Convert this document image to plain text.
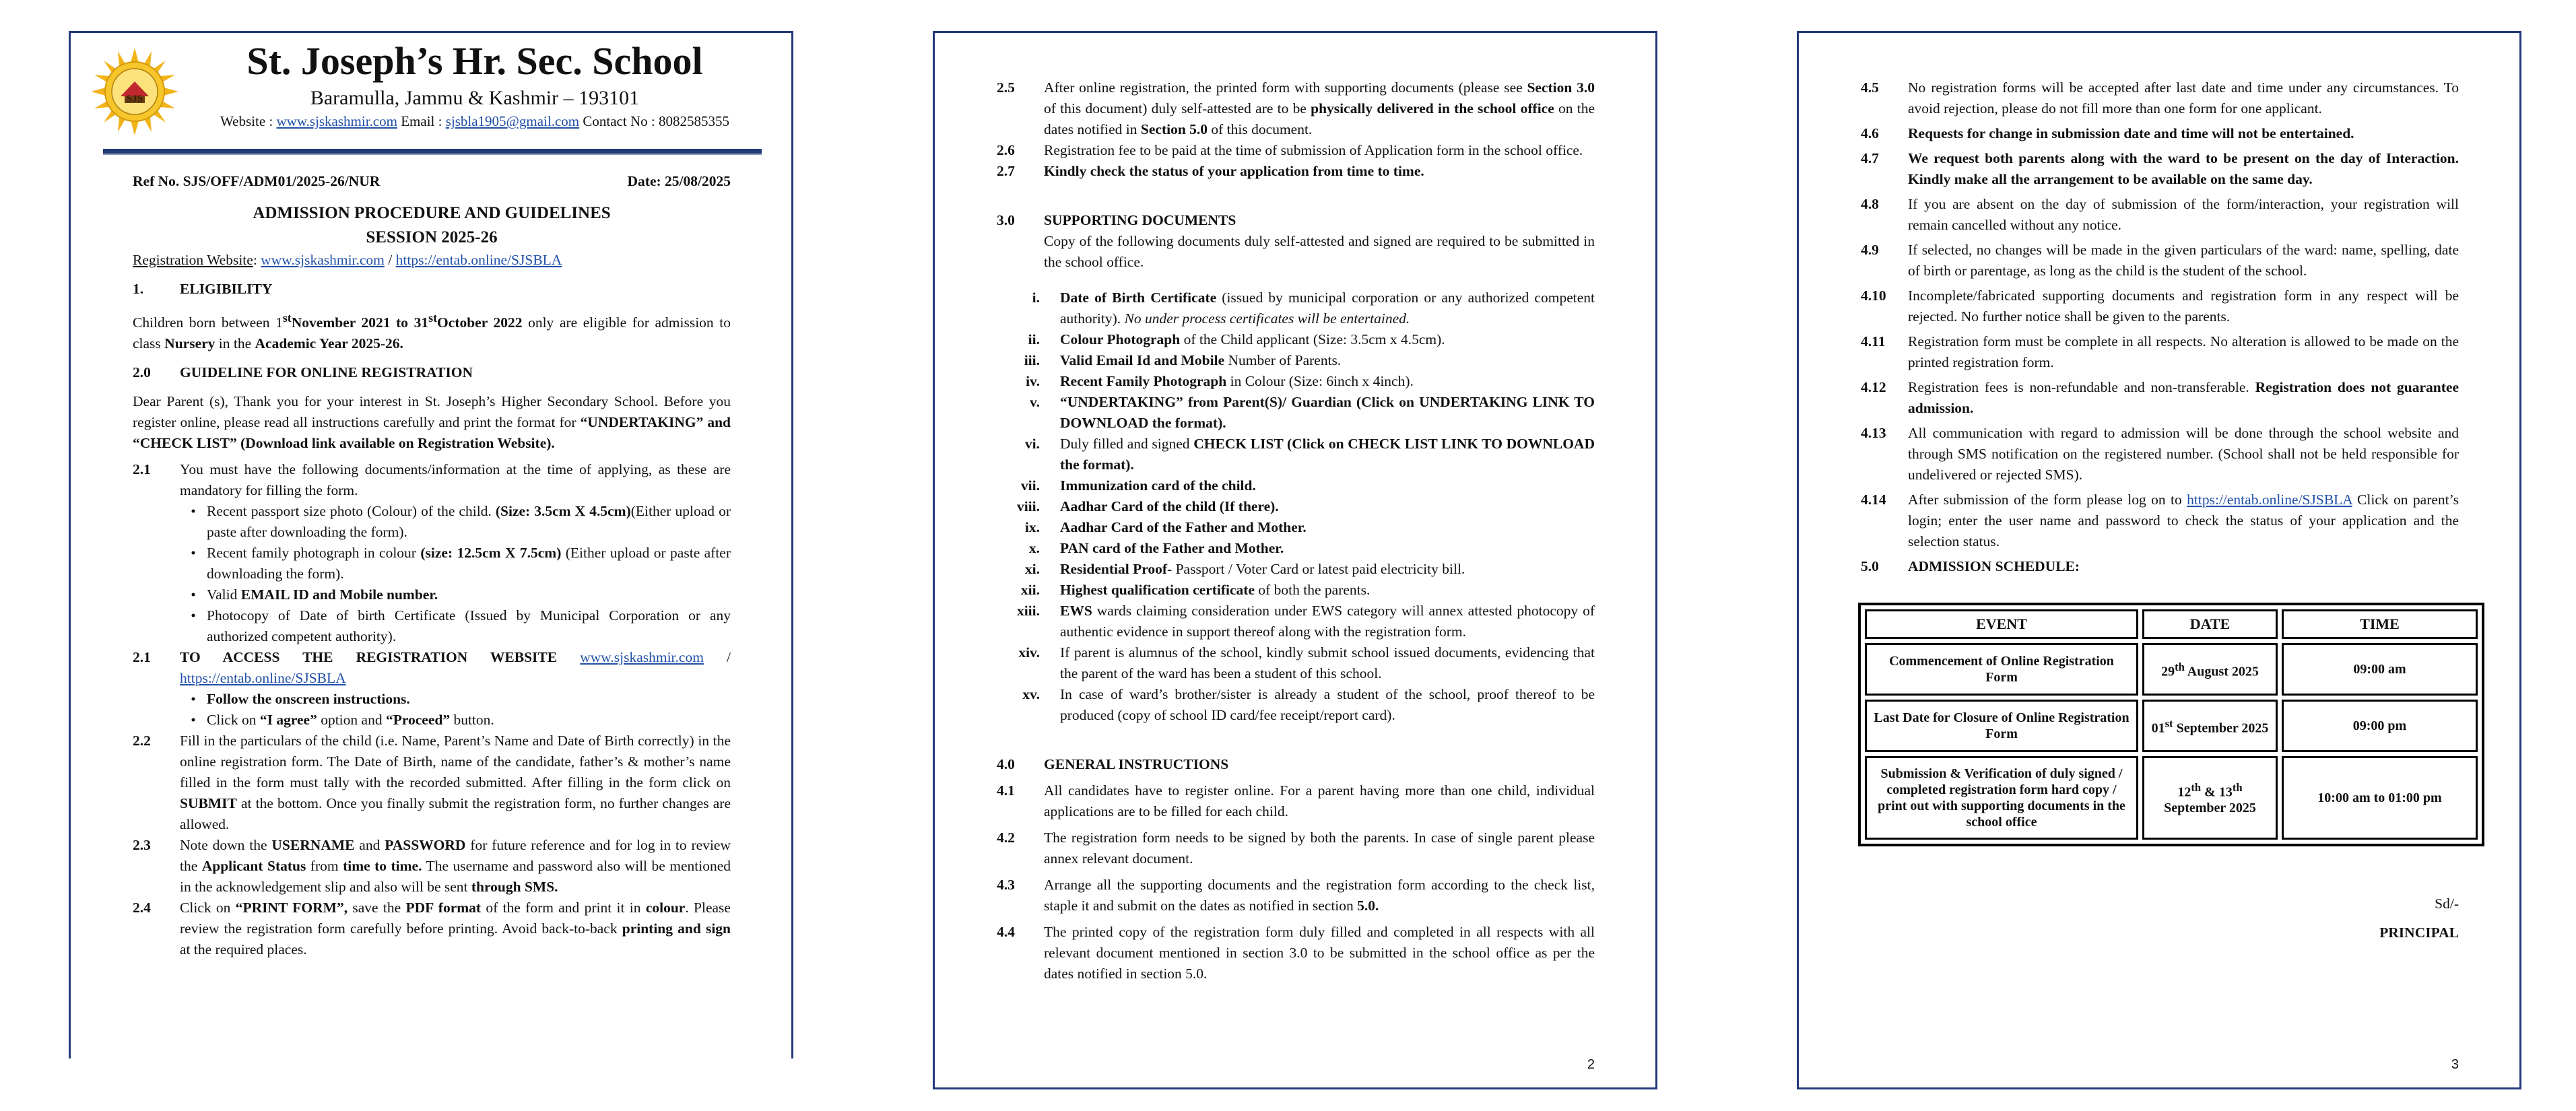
SJS
St. Joseph’s Hr. Sec. School
Baramulla, Jammu & Kashmir – 193101
Website : www.sjskashmir.com Email : sjsbla1905@gmail.com Contact No : 8082585355
Ref No. SJS/OFF/ADM01/2025-26/NUR	Date: 25/08/2025
ADMISSION PROCEDURE AND GUIDELINES
SESSION 2025-26
Registration Website: www.sjskashmir.com / https://entab.online/SJSBLA
1.	ELIGIBILITY
Children born between 1stNovember 2021 to 31stOctober 2022 only are eligible for admission to class Nursery in the Academic Year 2025-26.
2.0	GUIDELINE FOR ONLINE REGISTRATION
Dear Parent (s), Thank you for your interest in St. Joseph’s Higher Secondary School. Before you register online, please read all instructions carefully and print the format for “UNDERTAKING” and “CHECK LIST” (Download link available on Registration Website).
2.1	You must have the following documents/information at the time of applying, as these are mandatory for filling the form.
• Recent passport size photo (Colour) of the child. (Size: 3.5cm X 4.5cm)(Either upload or paste after downloading the form).
• Recent family photograph in colour (size: 12.5cm X 7.5cm) (Either upload or paste after downloading the form).
• Valid EMAIL ID and Mobile number.
• Photocopy of Date of birth Certificate (Issued by Municipal Corporation or any authorized competent authority).
2.1	TO ACCESS THE REGISTRATION WEBSITE www.sjskashmir.com / https://entab.online/SJSBLA
• Follow the onscreen instructions.
• Click on “I agree” option and “Proceed” button.
2.2	Fill in the particulars of the child (i.e. Name, Parent’s Name and Date of Birth correctly) in the online registration form. The Date of Birth, name of the candidate, father’s & mother’s name filled in the form must tally with the recorded submitted. After filling in the form click on SUBMIT at the bottom. Once you finally submit the registration form, no further changes are allowed.
2.3	Note down the USERNAME and PASSWORD for future reference and for log in to review the Applicant Status from time to time. The username and password also will be mentioned in the acknowledgement slip and also will be sent through SMS.
2.4	Click on “PRINT FORM”, save the PDF format of the form and print it in colour. Please review the registration form carefully before printing. Avoid back-to-back printing and sign at the required places.
2.5	After online registration, the printed form with supporting documents (please see Section 3.0 of this document) duly self-attested are to be physically delivered in the school office on the dates notified in Section 5.0 of this document.
2.6	Registration fee to be paid at the time of submission of Application form in the school office.
2.7	Kindly check the status of your application from time to time.
3.0	SUPPORTING DOCUMENTS
Copy of the following documents duly self-attested and signed are required to be submitted in the school office.
i.	Date of Birth Certificate (issued by municipal corporation or any authorized competent authority). No under process certificates will be entertained.
ii.	Colour Photograph of the Child applicant (Size: 3.5cm x 4.5cm).
iii.	Valid Email Id and Mobile Number of Parents.
iv.	Recent Family Photograph in Colour (Size: 6inch x 4inch).
v.	“UNDERTAKING” from Parent(S)/ Guardian (Click on UNDERTAKING LINK TO DOWNLOAD the format).
vi.	Duly filled and signed CHECK LIST (Click on CHECK LIST LINK TO DOWNLOAD the format).
vii.	Immunization card of the child.
viii.	Aadhar Card of the child (If there).
ix.	Aadhar Card of the Father and Mother.
x.	PAN card of the Father and Mother.
xi.	Residential Proof- Passport / Voter Card or latest paid electricity bill.
xii.	Highest qualification certificate of both the parents.
xiii.	EWS wards claiming consideration under EWS category will annex attested photocopy of authentic evidence in support thereof along with the registration form.
xiv.	If parent is alumnus of the school, kindly submit school issued documents, evidencing that the parent of the ward has been a student of this school.
xv.	In case of ward’s brother/sister is already a student of the school, proof thereof to be produced (copy of school ID card/fee receipt/report card).
4.0	GENERAL INSTRUCTIONS
4.1	All candidates have to register online. For a parent having more than one child, individual applications are to be filled for each child.
4.2	The registration form needs to be signed by both the parents. In case of single parent please annex relevant document.
4.3	Arrange all the supporting documents and the registration form according to the check list, staple it and submit on the dates as notified in section 5.0.
4.4	The printed copy of the registration form duly filled and completed in all respects with all relevant document mentioned in section 3.0 to be submitted in the school office as per the dates notified in section 5.0.
2
4.5	No registration forms will be accepted after last date and time under any circumstances. To avoid rejection, please do not fill more than one form for one applicant.
4.6	Requests for change in submission date and time will not be entertained.
4.7	We request both parents along with the ward to be present on the day of Interaction. Kindly make all the arrangement to be available on the same day.
4.8	If you are absent on the day of submission of the form/interaction, your registration will remain cancelled without any notice.
4.9	If selected, no changes will be made in the given particulars of the ward: name, spelling, date of birth or parentage, as long as the child is the student of the school.
4.10	Incomplete/fabricated supporting documents and registration form in any respect will be rejected. No further notice shall be given to the parents.
4.11	Registration form must be complete in all respects. No alteration is allowed to be made on the printed registration form.
4.12	Registration fees is non-refundable and non-transferable. Registration does not guarantee admission.
4.13	All communication with regard to admission will be done through the school website and through SMS notification on the registered number. (School shall not be held responsible for undelivered or rejected SMS).
4.14	After submission of the form please log on to https://entab.online/SJSBLA Click on parent’s login; enter the user name and password to check the status of your application and the selection status.
5.0	ADMISSION SCHEDULE:
EVENT	DATE	TIME
Commencement of Online Registration Form	29th August 2025	09:00 am
Last Date for Closure of Online Registration Form	01st September 2025	09:00 pm
Submission & Verification of duly signed / completed registration form hard copy / print out with supporting documents in the school office	12th & 13th September 2025	10:00 am to 01:00 pm
Sd/-
PRINCIPAL
3
